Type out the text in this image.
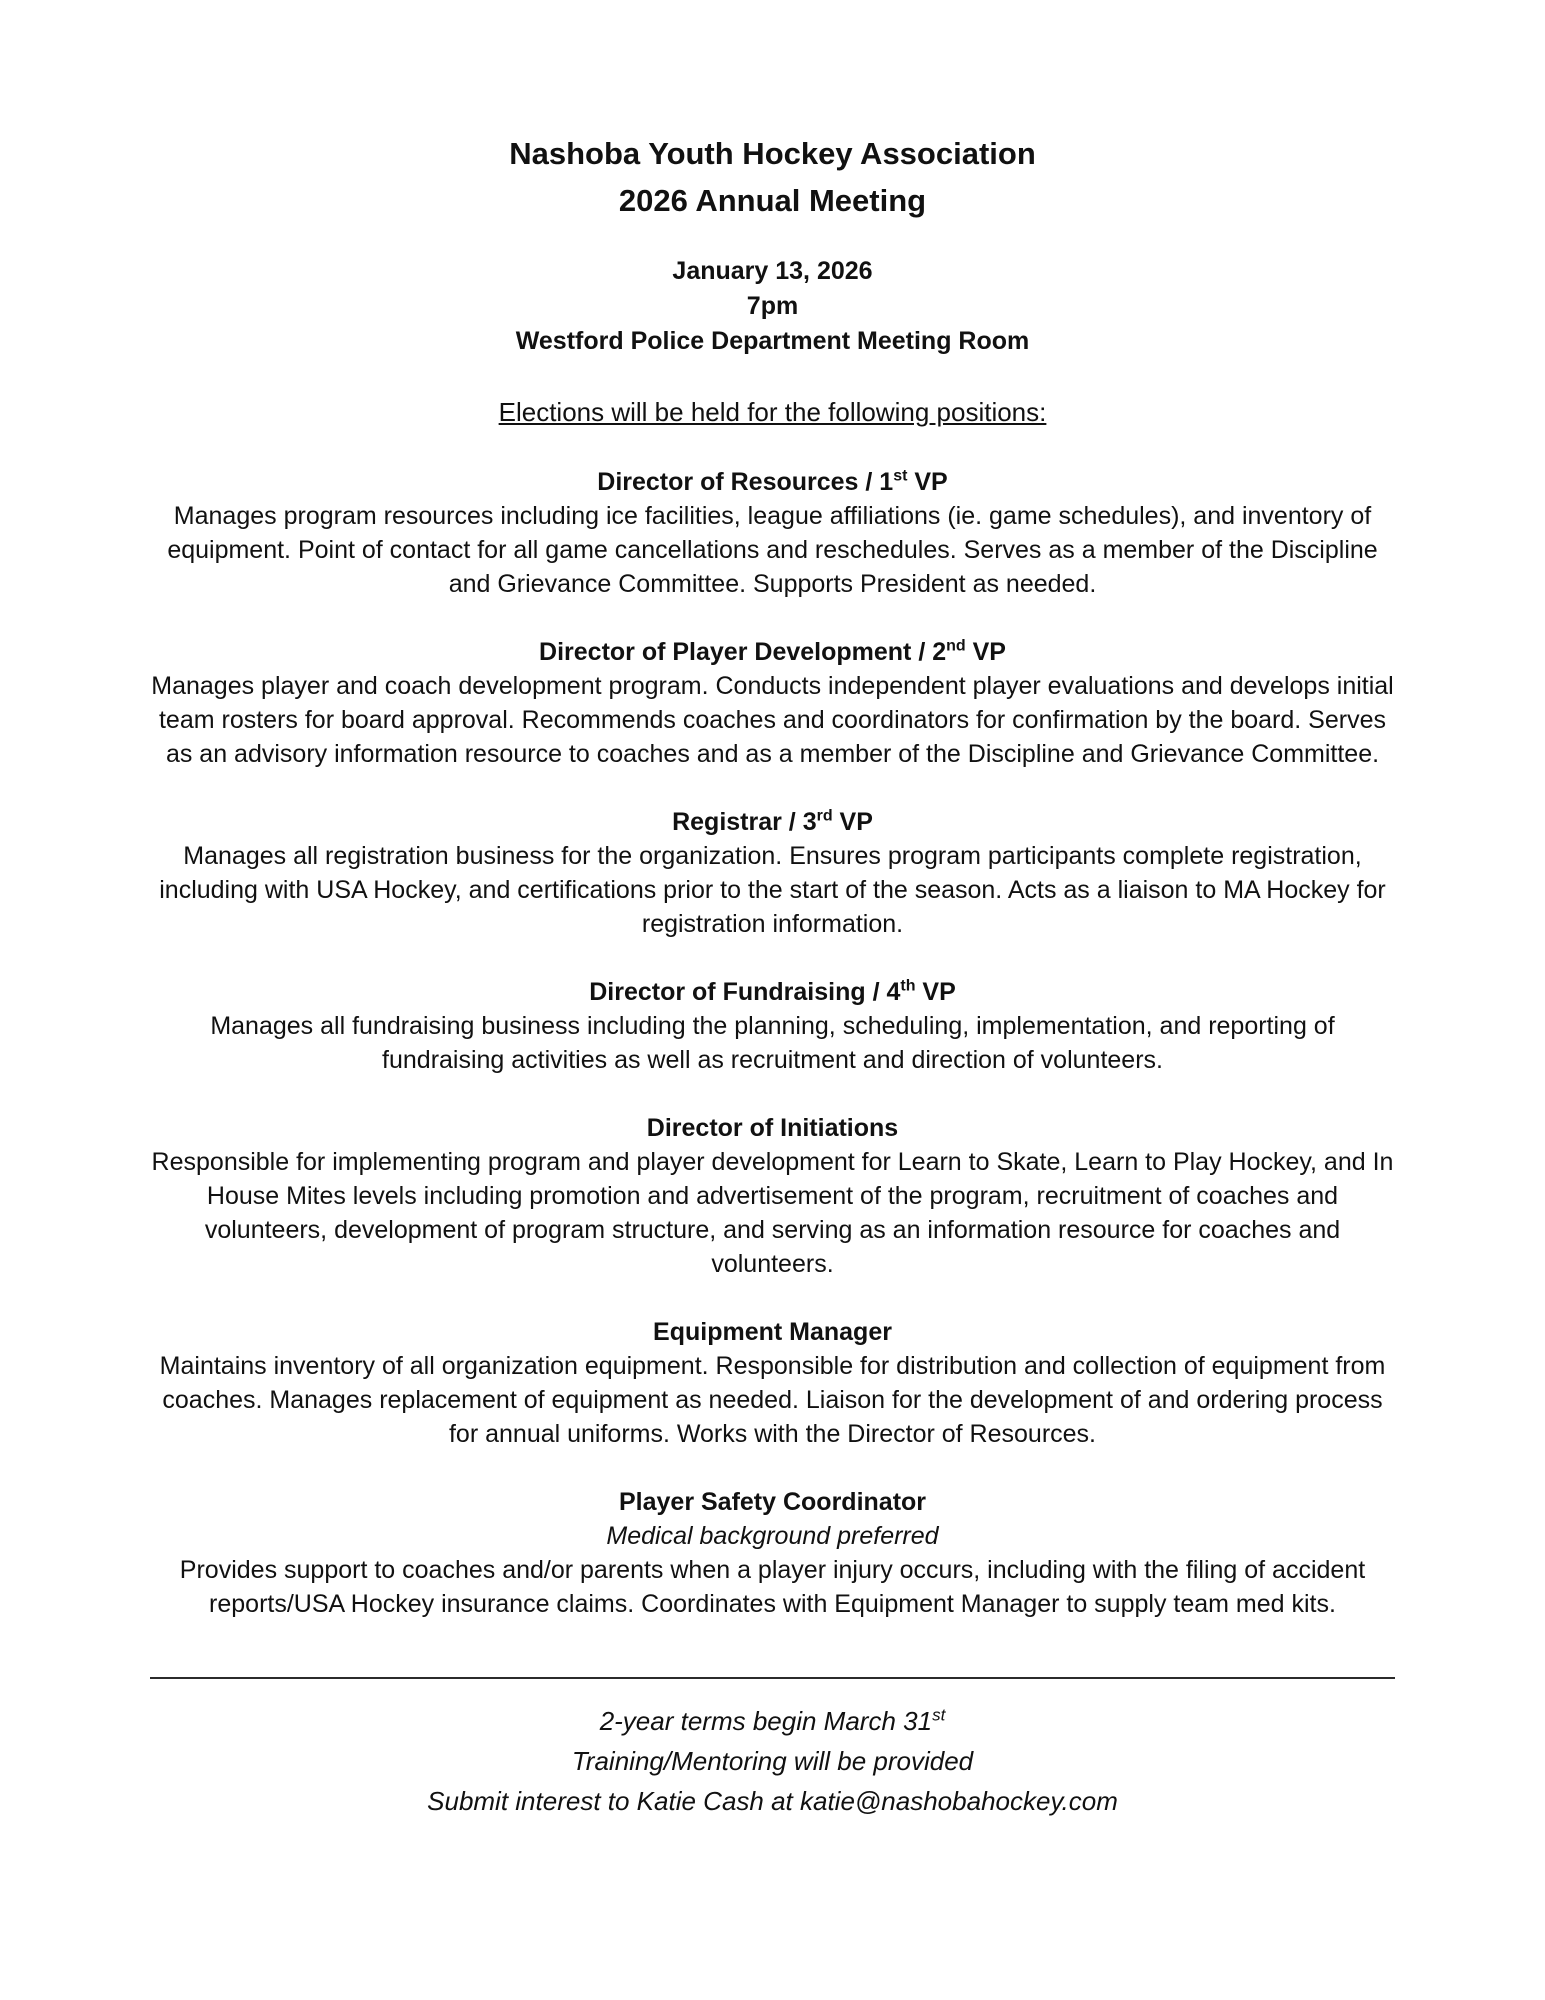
Nashoba Youth Hockey Association
2026 Annual Meeting
January 13, 2026
7pm
Westford Police Department Meeting Room
Elections will be held for the following positions:
Director of Resources / 1st VP

Manages program resources including ice facilities, league affiliations (ie. game schedules), and inventory of equipment. Point of contact for all game cancellations and reschedules. Serves as a member of the Discipline and Grievance Committee. Supports President as needed.

Director of Player Development / 2nd VP

Manages player and coach development program. Conducts independent player evaluations and develops initial team rosters for board approval. Recommends coaches and coordinators for confirmation by the board. Serves as an advisory information resource to coaches and as a member of the Discipline and Grievance Committee.

Registrar / 3rd VP

Manages all registration business for the organization. Ensures program participants complete registration, including with USA Hockey, and certifications prior to the start of the season. Acts as a liaison to MA Hockey for registration information.

Director of Fundraising / 4th VP

Manages all fundraising business including the planning, scheduling, implementation, and reporting of fundraising activities as well as recruitment and direction of volunteers.

Director of Initiations

Responsible for implementing program and player development for Learn to Skate, Learn to Play Hockey, and In House Mites levels including promotion and advertisement of the program, recruitment of coaches and volunteers, development of program structure, and serving as an information resource for coaches and volunteers.

Equipment Manager

Maintains inventory of all organization equipment. Responsible for distribution and collection of equipment from coaches. Manages replacement of equipment as needed. Liaison for the development of and ordering process for annual uniforms. Works with the Director of Resources.

Player Safety Coordinator
Medical background preferred

Provides support to coaches and/or parents when a player injury occurs, including with the filing of accident reports/USA Hockey insurance claims. Coordinates with Equipment Manager to supply team med kits.

2-year terms begin March 31st
Training/Mentoring will be provided
Submit interest to Katie Cash at katie@nashobahockey.com
